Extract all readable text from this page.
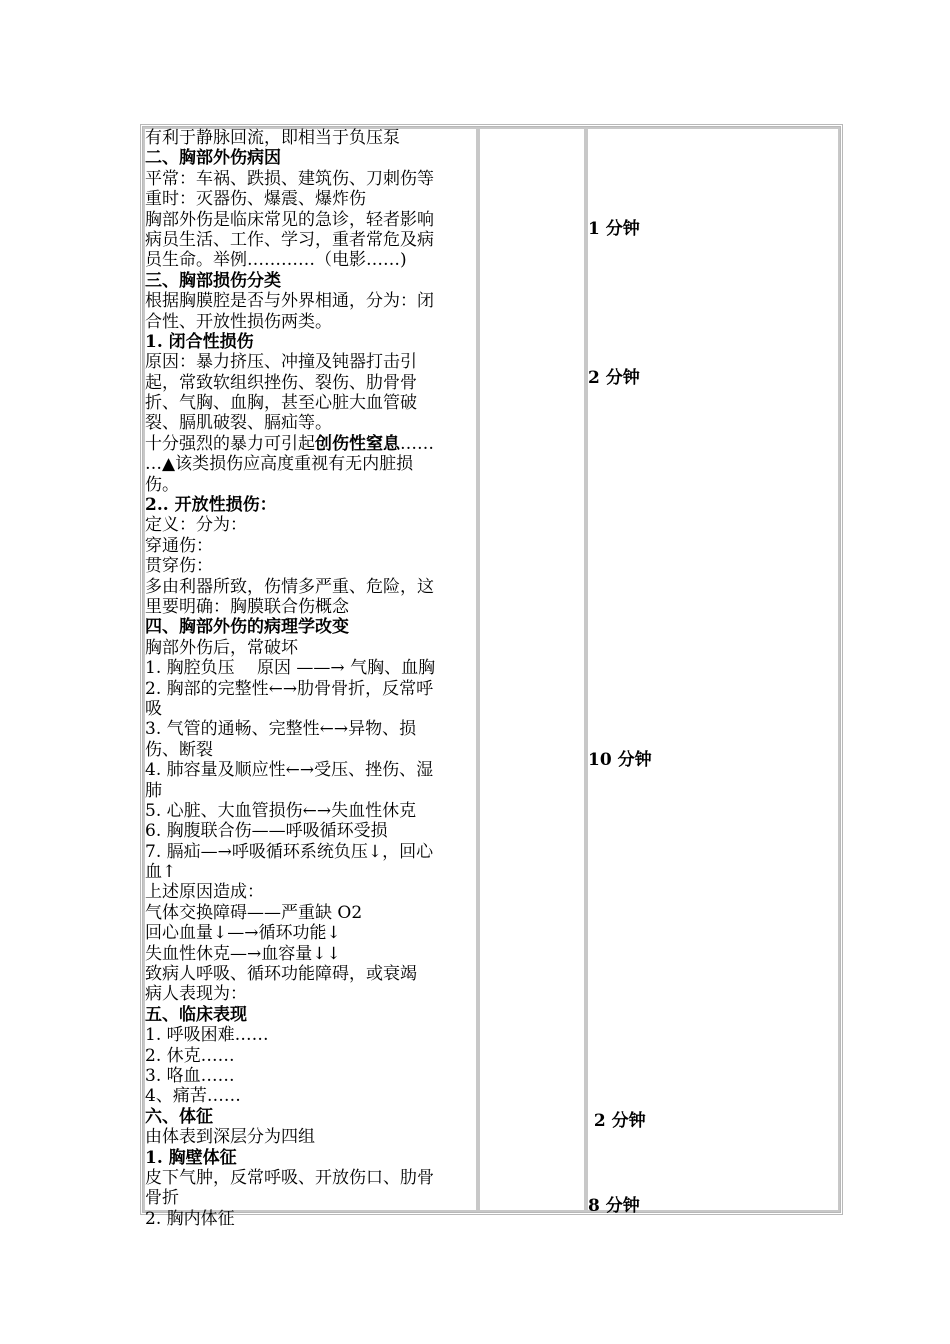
有利于静脉回流，即相当于负压泵
二、胸部外伤病因
平常：车祸、跌损、建筑伤、刀刺伤等
重时：灭器伤、爆震、爆炸伤
胸部外伤是临床常见的急诊，轻者影响
病员生活、工作、学习，重者常危及病
员生命。举例…………（电影……)
三、胸部损伤分类
根据胸膜腔是否与外界相通，分为：闭
合性、开放性损伤两类。
1. 闭合性损伤
原因：暴力挤压、冲撞及钝器打击引
起，常致软组织挫伤、裂伤、肋骨骨
折、气胸、血胸，甚至心脏大血管破
裂、膈肌破裂、膈疝等。
十分强烈的暴力可引起创伤性窒息……
…▲该类损伤应高度重视有无内脏损
伤。
2.. 开放性损伤：
定义：分为：
穿通伤：
贯穿伤：
多由利器所致，伤情多严重、危险，这
里要明确：胸膜联合伤概念
四、胸部外伤的病理学改变
胸部外伤后，常破坏
1. 胸腔负压　 原因 ——→ 气胸、血胸
2. 胸部的完整性←→肋骨骨折，反常呼
吸
3. 气管的通畅、完整性←→异物、损
伤、断裂
4. 肺容量及顺应性←→受压、挫伤、湿
肺
5. 心脏、大血管损伤←→失血性休克
6. 胸腹联合伤——呼吸循环受损
7. 膈疝—→呼吸循环系统负压↓，回心
血↑
上述原因造成：
气体交换障碍——严重缺 O2
回心血量↓—→循环功能↓
失血性休克—→血容量↓↓
致病人呼吸、循环功能障碍，或衰竭
病人表现为：
五、临床表现
1. 呼吸困难……
2. 休克……
3. 咯血……
4、痛苦……
六、体征
由体表到深层分为四组
1. 胸壁体征
皮下气肿，反常呼吸、开放伤口、肋骨
骨折
2. 胸内体征
1 分钟
2 分钟
10 分钟
2 分钟
8 分钟
